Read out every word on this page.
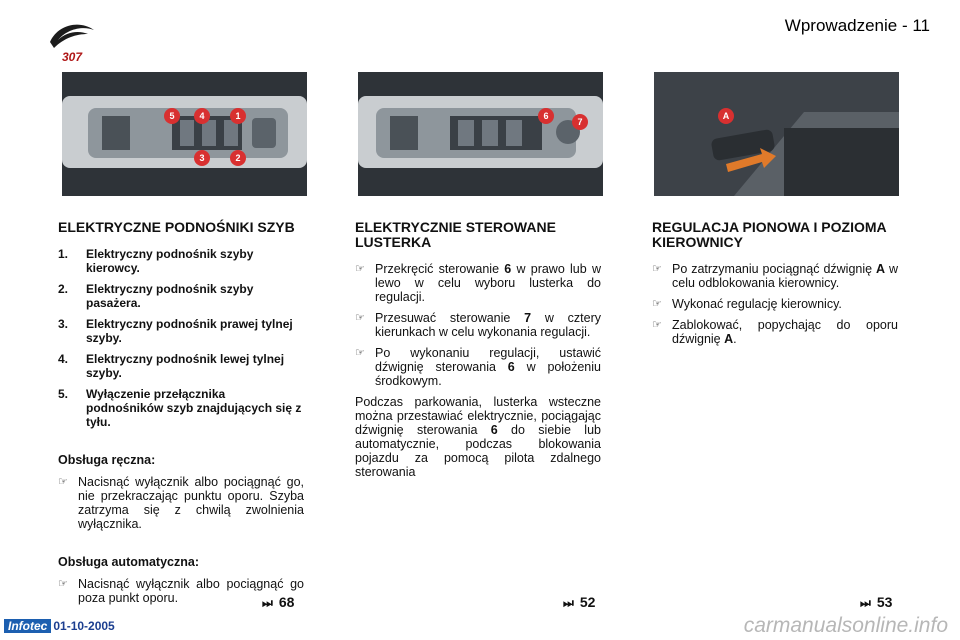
307
Wprowadzenie - 11
5	4	1
3	2
6
7
A
ELEKTRYCZNE PODNOŚNIKI SZYB
1.	Elektryczny podnośnik szyby kierowcy.
2.	Elektryczny podnośnik szyby pasażera.
3.	Elektryczny podnośnik prawej tylnej szyby.
4.	Elektryczny podnośnik lewej tylnej szyby.
5.	Wyłączenie przełącznika podnośników szyb znajdujących się z tyłu.
Obsługa ręczna:
☞ Nacisnąć wyłącznik albo pociągnąć go, nie przekraczając punktu oporu. Szyba zatrzyma się z chwilą zwolnienia wyłącznika.
Obsługa automatyczna:
☞ Nacisnąć wyłącznik albo pociągnąć go poza punkt oporu.
ELEKTRYCZNIE STEROWANE LUSTERKA
☞ Przekręcić sterowanie 6 w prawo lub w lewo w celu wyboru lusterka do regulacji.
☞ Przesuwać sterowanie 7 w cztery kierunkach w celu wykonania regulacji.
☞ Po wykonaniu regulacji, ustawić dźwignię sterowania 6 w położeniu środkowym.
Podczas parkowania, lusterka wsteczne można przestawiać elektrycznie, pociągając dźwignię sterowania 6 do siebie lub automatycznie, podczas blokowania pojazdu za pomocą pilota zdalnego sterowania
REGULACJA PIONOWA I POZIOMA KIEROWNICY
☞ Po zatrzymaniu pociągnąć dźwignię A w celu odblokowania kierownicy.
☞ Wykonać regulację kierownicy.
☞ Zablokować, popychając do oporu dźwignię A.
⏭ 68	⏭ 52	⏭ 53
Infotec 01-10-2005	carmanualsonline.info
